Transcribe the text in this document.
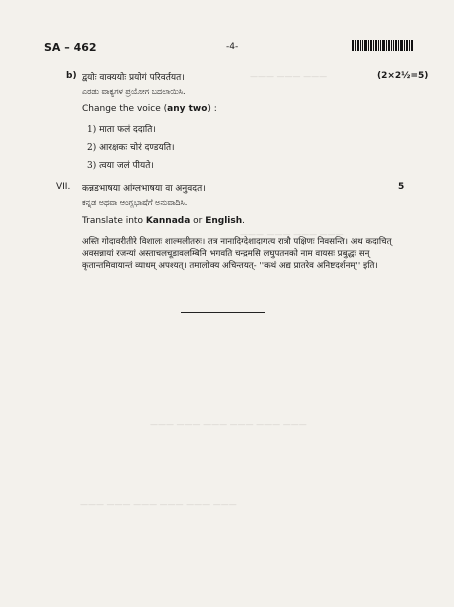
——— ——— ———
——— ——— ——— ———
——— ——— ——— ——— ——— ———
——— ——— ——— ——— ——— ———
SA – 462	-4-
b) द्वयोः वाक्ययोः प्रयोगं परिवर्तयत।	(2×2½=5)
ಎರಡು ವಾಕ್ಯಗಳ ಪ್ರಯೋಗ ಬದಲಾಯಿಸಿ.
Change the voice (any two) :
1) माता फलं ददाति।
2) आरक्षकः चोरं दण्डयति।
3) त्वया जलं पीयते।
VII. कन्नडभाषया आंग्लभाषया वा अनुवदत।	5
ಕನ್ನಡ ಅಥವಾ ಆಂಗ್ಲಭಾಷೆಗೆ ಅನುವಾದಿಸಿ.
Translate into Kannada or English.
अस्ति गोदावरीतीरे विशालः शाल्मलीतरुः। तत्र नानादिग्देशादागत्य रात्रौ पक्षिणः निवसन्ति। अथ कदाचित् अवसन्नायां रजन्यां अस्ताचलचूडावलम्बिनि भगवति चन्द्रमसि लघुपतनको नाम वायसः प्रबुद्धः सन् कृतान्तमिवायान्तं व्याधम् अपश्यत्। तमालोक्य अचिन्तयत्- ''कथं अद्य प्रातरेव अनिष्टदर्शनम्'' इति।
